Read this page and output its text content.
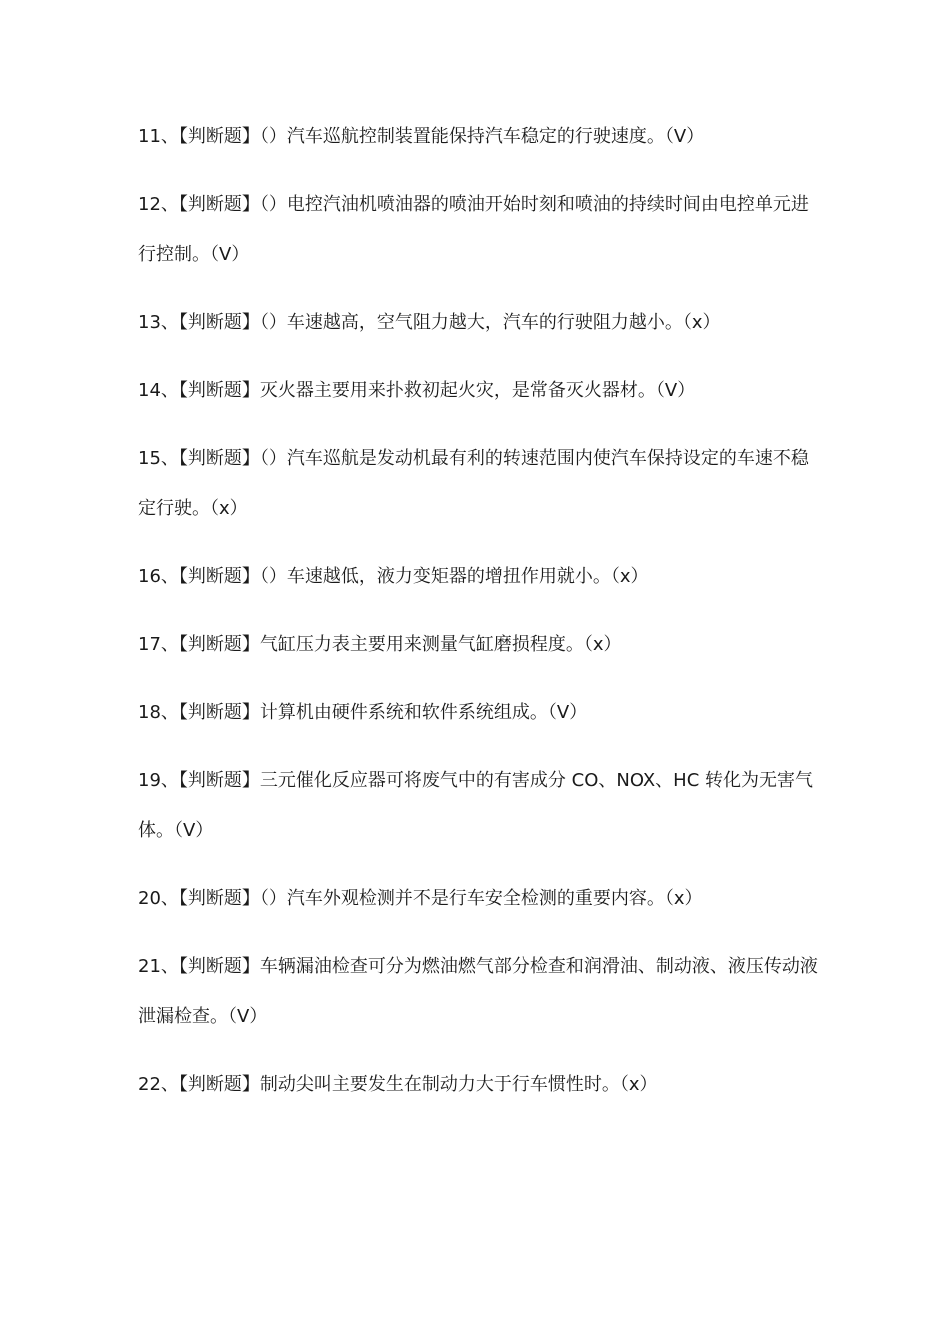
11、【判断题】（）汽车巡航控制装置能保持汽车稳定的行驶速度。（V）
12、【判断题】（）电控汽油机喷油器的喷油开始时刻和喷油的持续时间由电控单元进行控制。（V）
13、【判断题】（）车速越高，空气阻力越大，汽车的行驶阻力越小。（x）
14、【判断题】灭火器主要用来扑救初起火灾，是常备灭火器材。（V）
15、【判断题】（）汽车巡航是发动机最有利的转速范围内使汽车保持设定的车速不稳定行驶。（x）
16、【判断题】（）车速越低，液力变矩器的增扭作用就小。（x）
17、【判断题】气缸压力表主要用来测量气缸磨损程度。（x）
18、【判断题】计算机由硬件系统和软件系统组成。（V）
19、【判断题】三元催化反应器可将废气中的有害成分 CO、NOX、HC 转化为无害气体。（V）
20、【判断题】（）汽车外观检测并不是行车安全检测的重要内容。（x）
21、【判断题】车辆漏油检查可分为燃油燃气部分检查和润滑油、制动液、液压传动液泄漏检查。（V）
22、【判断题】制动尖叫主要发生在制动力大于行车惯性时。（x）
